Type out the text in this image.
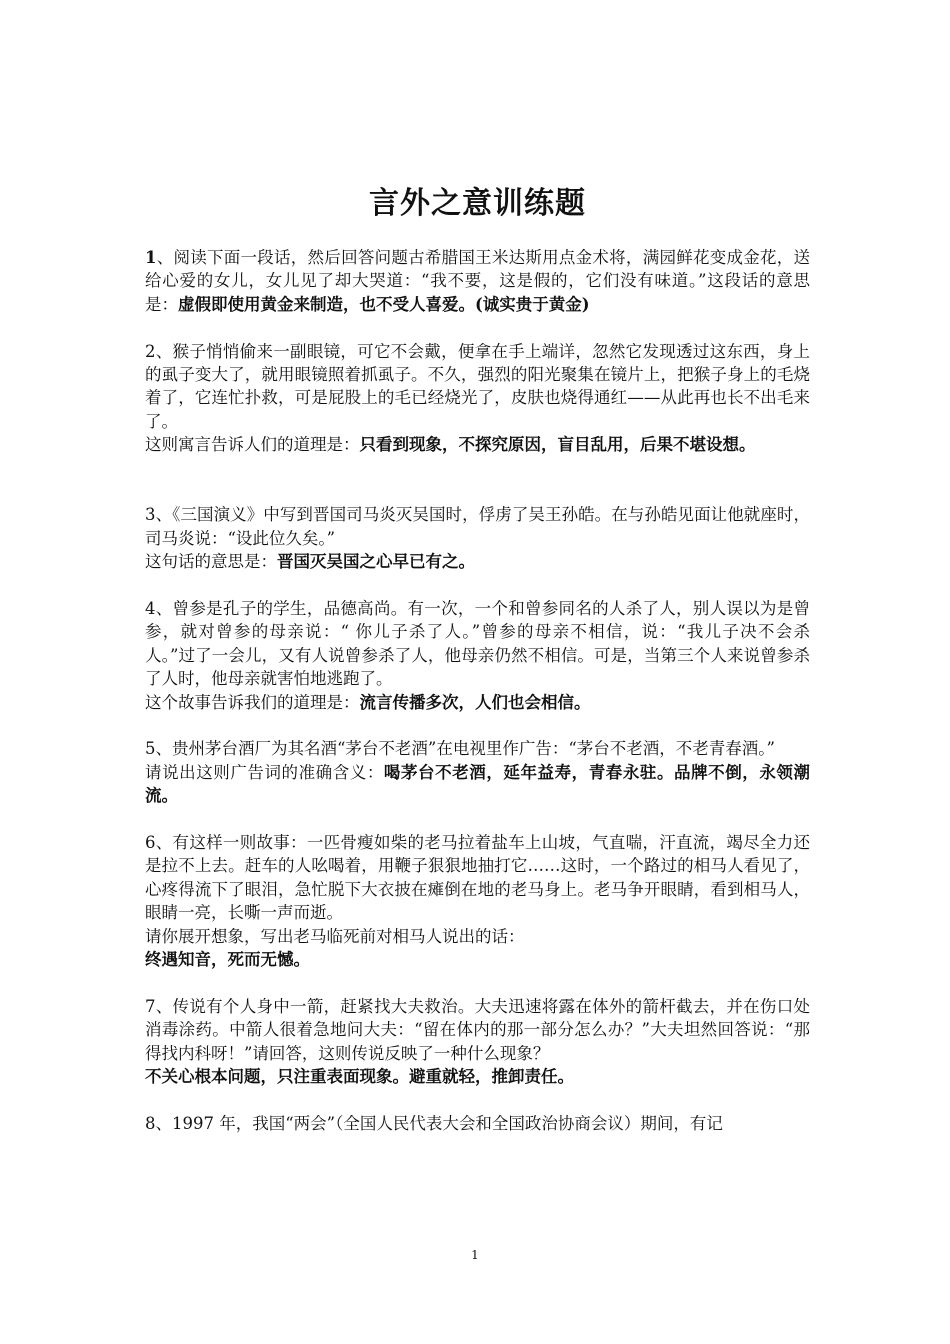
言外之意训练题

1、阅读下面一段话，然后回答问题古希腊国王米达斯用点金术将，满园鲜花变成金花，送给心爱的女儿，女儿见了却大哭道：“我不要，这是假的，它们没有味道。”这段话的意思是：虚假即使用黄金来制造，也不受人喜爱。(诚实贵于黄金)

2、猴子悄悄偷来一副眼镜，可它不会戴，便拿在手上端详，忽然它发现透过这东西，身上的虱子变大了，就用眼镜照着抓虱子。不久，强烈的阳光聚集在镜片上，把猴子身上的毛烧着了，它连忙扑救，可是屁股上的毛已经烧光了，皮肤也烧得通红——从此再也长不出毛来了。

这则寓言告诉人们的道理是：只看到现象，不探究原因，盲目乱用，后果不堪设想。

3、《三国演义》中写到晋国司马炎灭吴国时，俘虏了吴王孙皓。在与孙皓见面让他就座时，司马炎说：“设此位久矣。”

这句话的意思是：晋国灭吴国之心早已有之。

4、曾参是孔子的学生，品德高尚。有一次，一个和曾参同名的人杀了人，别人误以为是曾参，就对曾参的母亲说：“ 你儿子杀了人。”曾参的母亲不相信，说：“我儿子决不会杀人。”过了一会儿，又有人说曾参杀了人，他母亲仍然不相信。可是，当第三个人来说曾参杀了人时，他母亲就害怕地逃跑了。

这个故事告诉我们的道理是：流言传播多次，人们也会相信。

5、贵州茅台酒厂为其名酒“茅台不老酒”在电视里作广告：“茅台不老酒，不老青春酒。”

请说出这则广告词的准确含义：喝茅台不老酒，延年益寿，青春永驻。品牌不倒，永领潮流。

6、有这样一则故事：一匹骨瘦如柴的老马拉着盐车上山坡，气直喘，汗直流，竭尽全力还是拉不上去。赶车的人吆喝着，用鞭子狠狠地抽打它……这时，一个路过的相马人看见了，心疼得流下了眼泪，急忙脱下大衣披在瘫倒在地的老马身上。老马争开眼睛，看到相马人，眼睛一亮，长嘶一声而逝。

请你展开想象，写出老马临死前对相马人说出的话：

终遇知音，死而无憾。

7、传说有个人身中一箭，赶紧找大夫救治。大夫迅速将露在体外的箭杆截去，并在伤口处消毒涂药。中箭人很着急地问大夫：“留在体内的那一部分怎么办？”大夫坦然回答说：“那得找内科呀！”请回答，这则传说反映了一种什么现象？

不关心根本问题，只注重表面现象。避重就轻，推卸责任。

8、1997 年，我国“两会”（全国人民代表大会和全国政治协商会议）期间，有记

1
